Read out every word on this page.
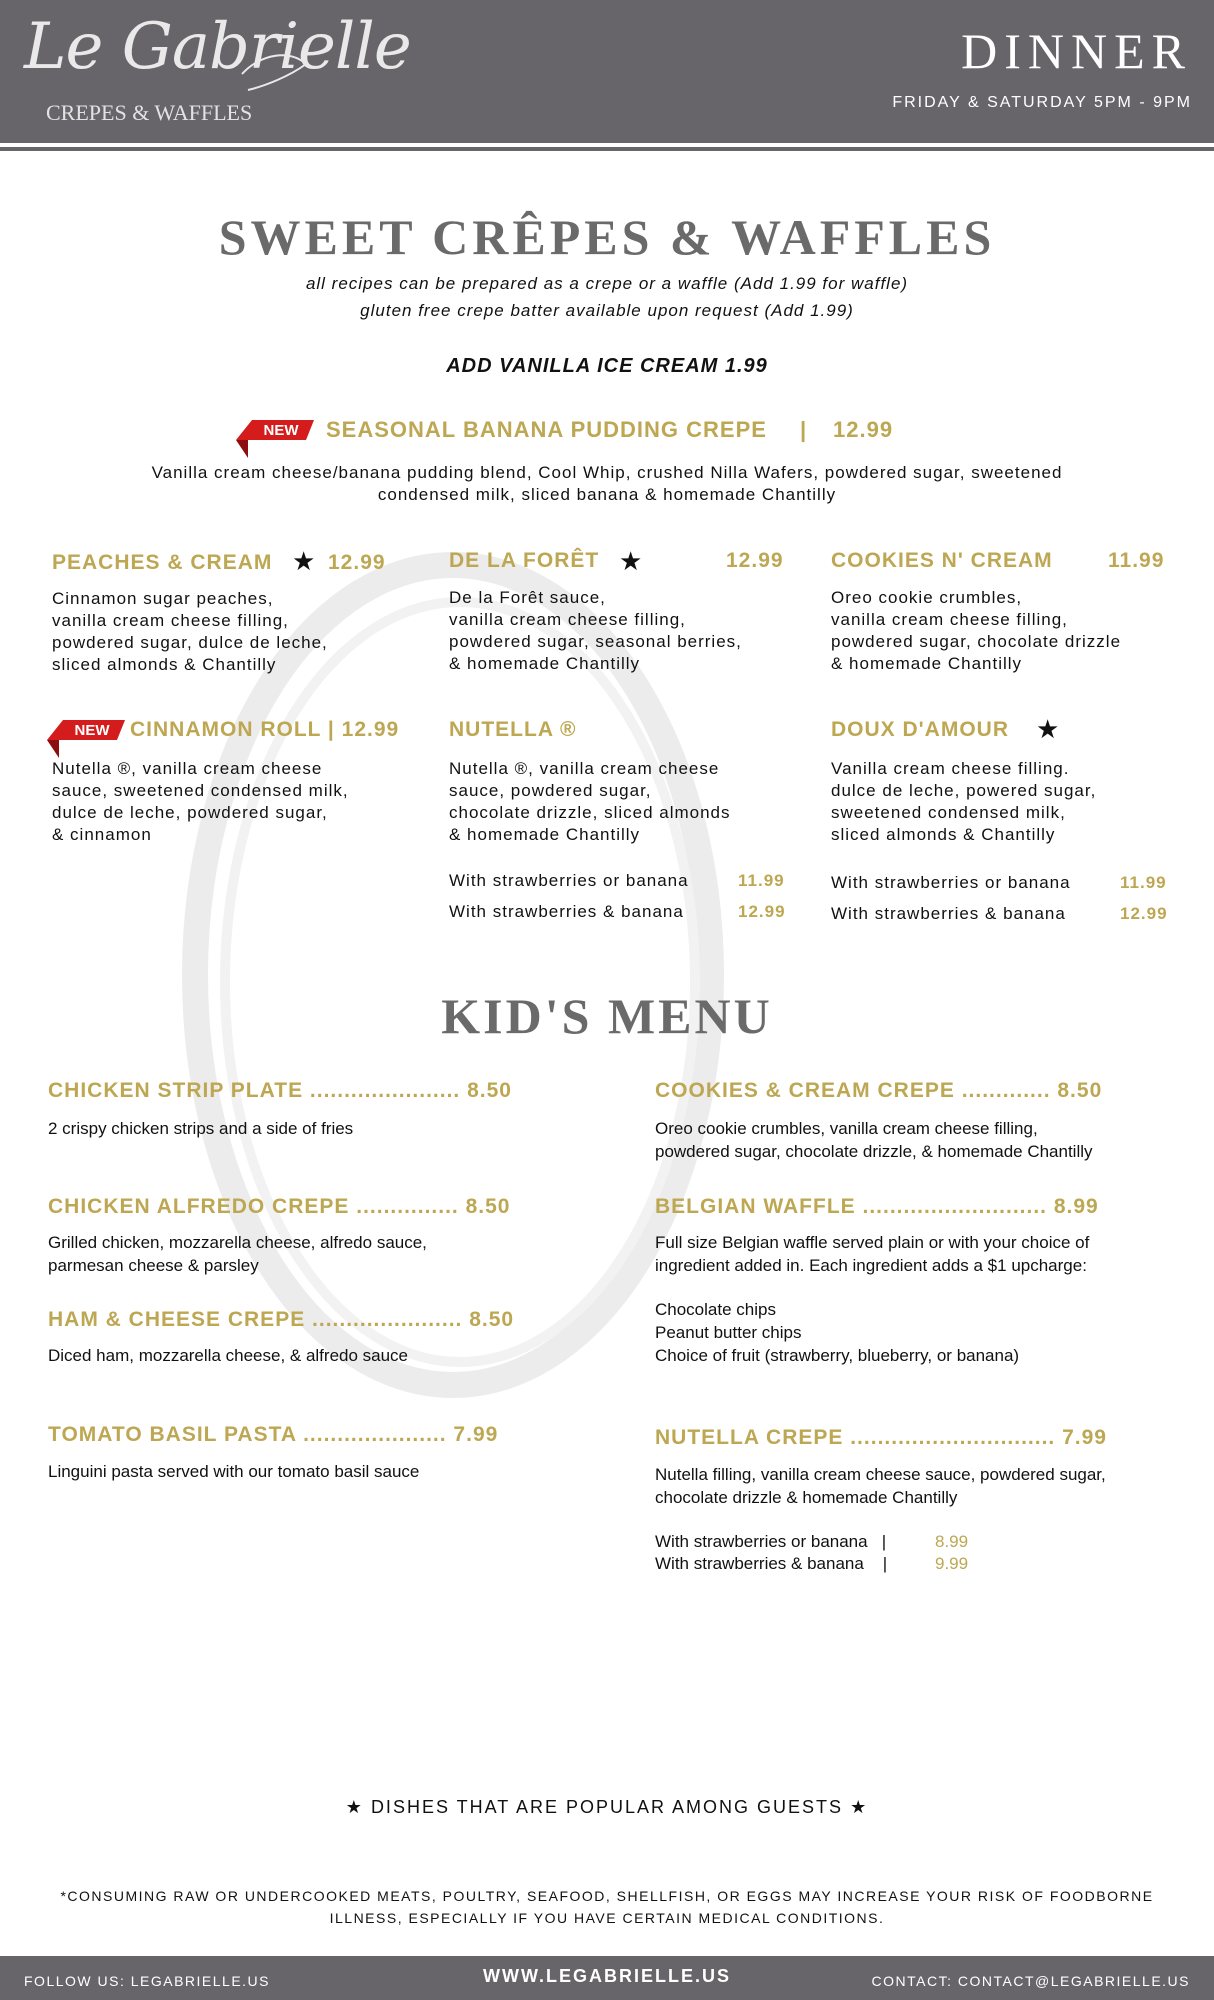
Le Gabrielle
CREPES & WAFFLES
DINNER
FRIDAY & SATURDAY 5PM - 9PM
SWEET CRÊPES & WAFFLES
all recipes can be prepared as a crepe or a waffle (Add 1.99 for waffle)
gluten free crepe batter available upon request (Add 1.99)
ADD VANILLA ICE CREAM 1.99
NEW SEASONAL BANANA PUDDING CREPE | 12.99
Vanilla cream cheese/banana pudding blend, Cool Whip, crushed Nilla Wafers, powdered sugar, sweetened
condensed milk, sliced banana & homemade Chantilly
PEACHES & CREAM ★ 12.99
Cinnamon sugar peaches,
vanilla cream cheese filling,
powdered sugar, dulce de leche,
sliced almonds & Chantilly
DE LA FORÊT ★	12.99
De la Forêt sauce,
vanilla cream cheese filling,
powdered sugar, seasonal berries,
& homemade Chantilly
COOKIES N' CREAM	11.99
Oreo cookie crumbles,
vanilla cream cheese filling,
powdered sugar, chocolate drizzle
& homemade Chantilly
NEW CINNAMON ROLL | 12.99
Nutella ®, vanilla cream cheese
sauce, sweetened condensed milk,
dulce de leche, powdered sugar,
& cinnamon
NUTELLA ®
Nutella ®, vanilla cream cheese
sauce, powdered sugar,
chocolate drizzle, sliced almonds
& homemade Chantilly
With strawberries or banana	11.99
With strawberries & banana	12.99
DOUX D'AMOUR ★
Vanilla cream cheese filling.
dulce de leche, powered sugar,
sweetened condensed milk,
sliced almonds & Chantilly
With strawberries or banana	11.99
With strawberries & banana	12.99
KID'S MENU
CHICKEN STRIP PLATE ...................... 8.50
2 crispy chicken strips and a side of fries
CHICKEN ALFREDO CREPE ............... 8.50
Grilled chicken, mozzarella cheese, alfredo sauce,
parmesan cheese & parsley
HAM & CHEESE CREPE ...................... 8.50
Diced ham, mozzarella cheese, & alfredo sauce
TOMATO BASIL PASTA ..................... 7.99
Linguini pasta served with our tomato basil sauce
COOKIES & CREAM CREPE ............. 8.50
Oreo cookie crumbles, vanilla cream cheese filling,
powdered sugar, chocolate drizzle, & homemade Chantilly
BELGIAN WAFFLE ........................... 8.99
Full size Belgian waffle served plain or with your choice of
ingredient added in. Each ingredient adds a $1 upcharge:
Chocolate chips
Peanut butter chips
Choice of fruit (strawberry, blueberry, or banana)
NUTELLA CREPE .............................. 7.99
Nutella filling, vanilla cream cheese sauce, powdered sugar,
chocolate drizzle & homemade Chantilly
With strawberries or banana   |	8.99
With strawberries & banana    |	9.99
★ DISHES THAT ARE POPULAR AMONG GUESTS ★
*CONSUMING RAW OR UNDERCOOKED MEATS, POULTRY, SEAFOOD, SHELLFISH, OR EGGS MAY INCREASE YOUR RISK OF FOODBORNE
ILLNESS, ESPECIALLY IF YOU HAVE CERTAIN MEDICAL CONDITIONS.
FOLLOW US: LEGABRIELLE.US	WWW.LEGABRIELLE.US	CONTACT: CONTACT@LEGABRIELLE.US
